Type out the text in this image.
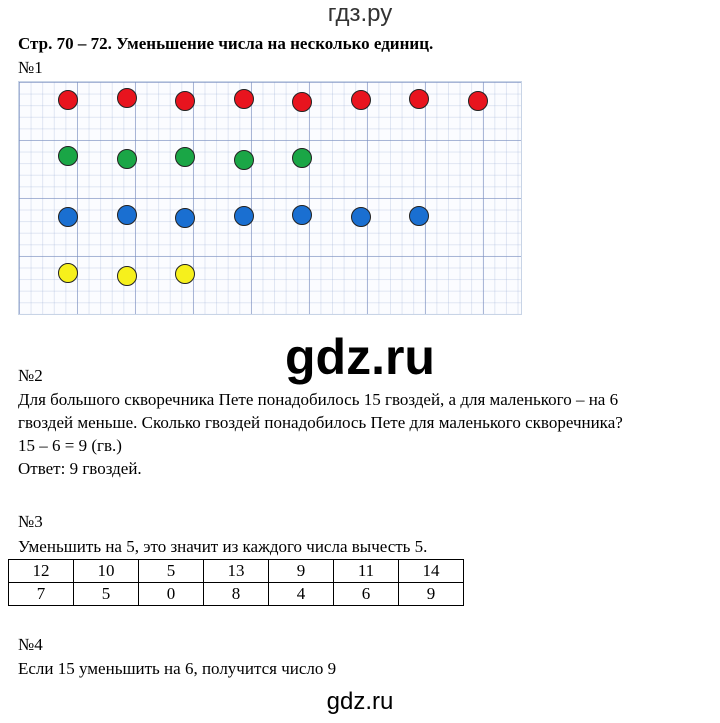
гдз.ру
Стр. 70 – 72. Уменьшение числа на несколько единиц.
№1
gdz.ru
№2
Для большого скворечника Пете понадобилось 15 гвоздей, а для маленького – на 6
гвоздей меньше. Сколько гвоздей понадобилось Пете для маленького скворечника?
15 – 6 = 9 (гв.)
Ответ: 9 гвоздей.
№3
Уменьшить на 5, это значит из каждого числа вычесть 5.
12	10	5	13	9	11	14
7	5	0	8	4	6	9
№4
Если 15 уменьшить на 6, получится число 9
gdz.ru
